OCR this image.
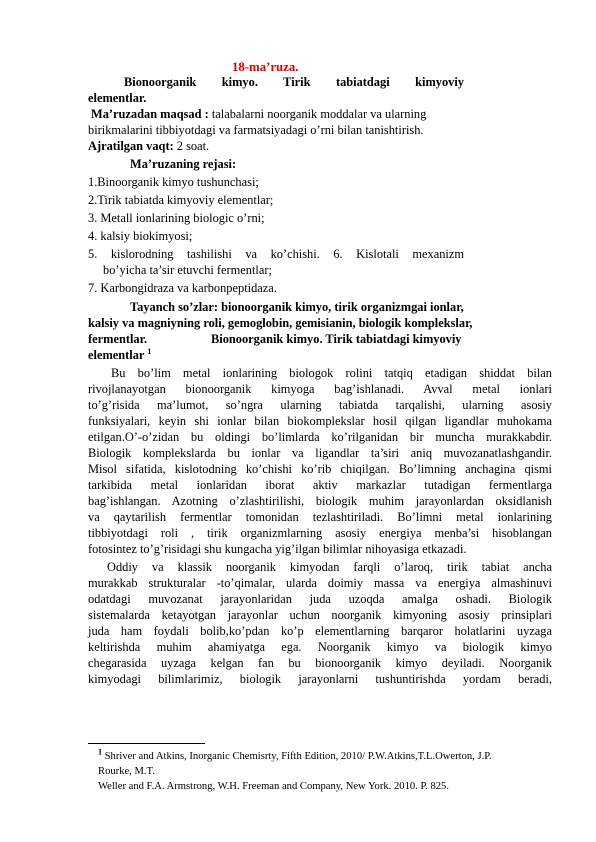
18-ma’ruza.
Bionoorganik kimyo. Tirik tabiatdagi kimyoviy
elementlar.
Ma’ruzadan maqsad : talabalarni noorganik moddalar va ularning
birikmalarini tibbiyotdagi va farmatsiyadagi o’rni bilan tanishtirish.
Ajratilgan vaqt: 2 soat.
Ma’ruzaning rejasi:
1.Binoorganik kimyo tushunchasi;
2.Tirik tabiatda kimyoviy elementlar;
3. Metall ionlarining biologic o’rni;
4. kalsiy biokimyosi;
5. kislorodning tashilishi va ko’chishi. 6. Kislotali mexanizm
bo’yicha ta’sir etuvchi fermentlar;
7. Karbongidraza va karbonpeptidaza.
Tayanch so’zlar: bionoorganik kimyo, tirik organizmgai ionlar,
kalsiy va magniyning roli, gemoglobin, gemisianin, biologik komplekslar,
fermentlar.	Bionoorganik kimyo. Tirik tabiatdagi kimyoviy
elementlar $^1$
Bu bo’lim metal ionlarining biologok rolini tatqiq etadigan shiddat bilan
rivojlanayotgan bionoorganik kimyoga bag’ishlanadi. Avval metal ionlari
to’g’risida ma’lumot, so’ngra ularning tabiatda tarqalishi, ularning asosiy
funksiyalari, keyin shi ionlar bilan biokomplekslar hosil qilgan ligandlar muhokama
etilgan.O’-o’zidan bu oldingi bo’limlarda ko’rilganidan bir muncha murakkabdir.
Biologik komplekslarda bu ionlar va ligandlar ta’siri aniq muvozanatlashgandir.
Misol sifatida, kislotodning ko’chishi ko’rib chiqilgan. Bo’limning anchagina qismi
tarkibida metal ionlaridan iborat aktiv markazlar tutadigan fermentlarga
bag’ishlangan. Azotning o’zlashtirilishi, biologik muhim jarayonlardan oksidlanish
va qaytarilish fermentlar tomonidan tezlashtiriladi. Bo’limni metal ionlarining
tibbiyotdagi roli , tirik organizmlarning asosiy energiya menba’si hisoblangan
fotosintez to’g’risidagi shu kungacha yig’ilgan bilimlar nihoyasiga etkazadi.
Oddiy va klassik noorganik kimyodan farqli o’laroq, tirik tabiat ancha
murakkab strukturalar -to’qimalar, ularda doimiy massa va energiya almashinuvi
odatdagi muvozanat jarayonlaridan juda uzoqda amalga oshadi. Biologik
sistemalarda ketayotgan jarayonlar uchun noorganik kimyoning asosiy prinsiplari
juda ham foydali bolib,ko’pdan ko’p elementlarning barqaror holatlarini uyzaga
keltirishda muhim ahamiyatga ega. Noorganik kimyo va biologik kimyo
chegarasida uyzaga kelgan fan bu bionoorganik kimyo deyiladi. Noorganik
kimyodagi bilimlarimiz, biologik jarayonlarni tushuntirishda yordam beradi,
$^1$ Shriver and Atkins, Inorganic Chemisrty, Fifth Edition, 2010/ P.W.Atkins,T.L.Owerton, J.P.
Rourke, M.T.
Weller and F.A. Armstrong, W.H. Freeman and Company, New York. 2010. P. 825.
